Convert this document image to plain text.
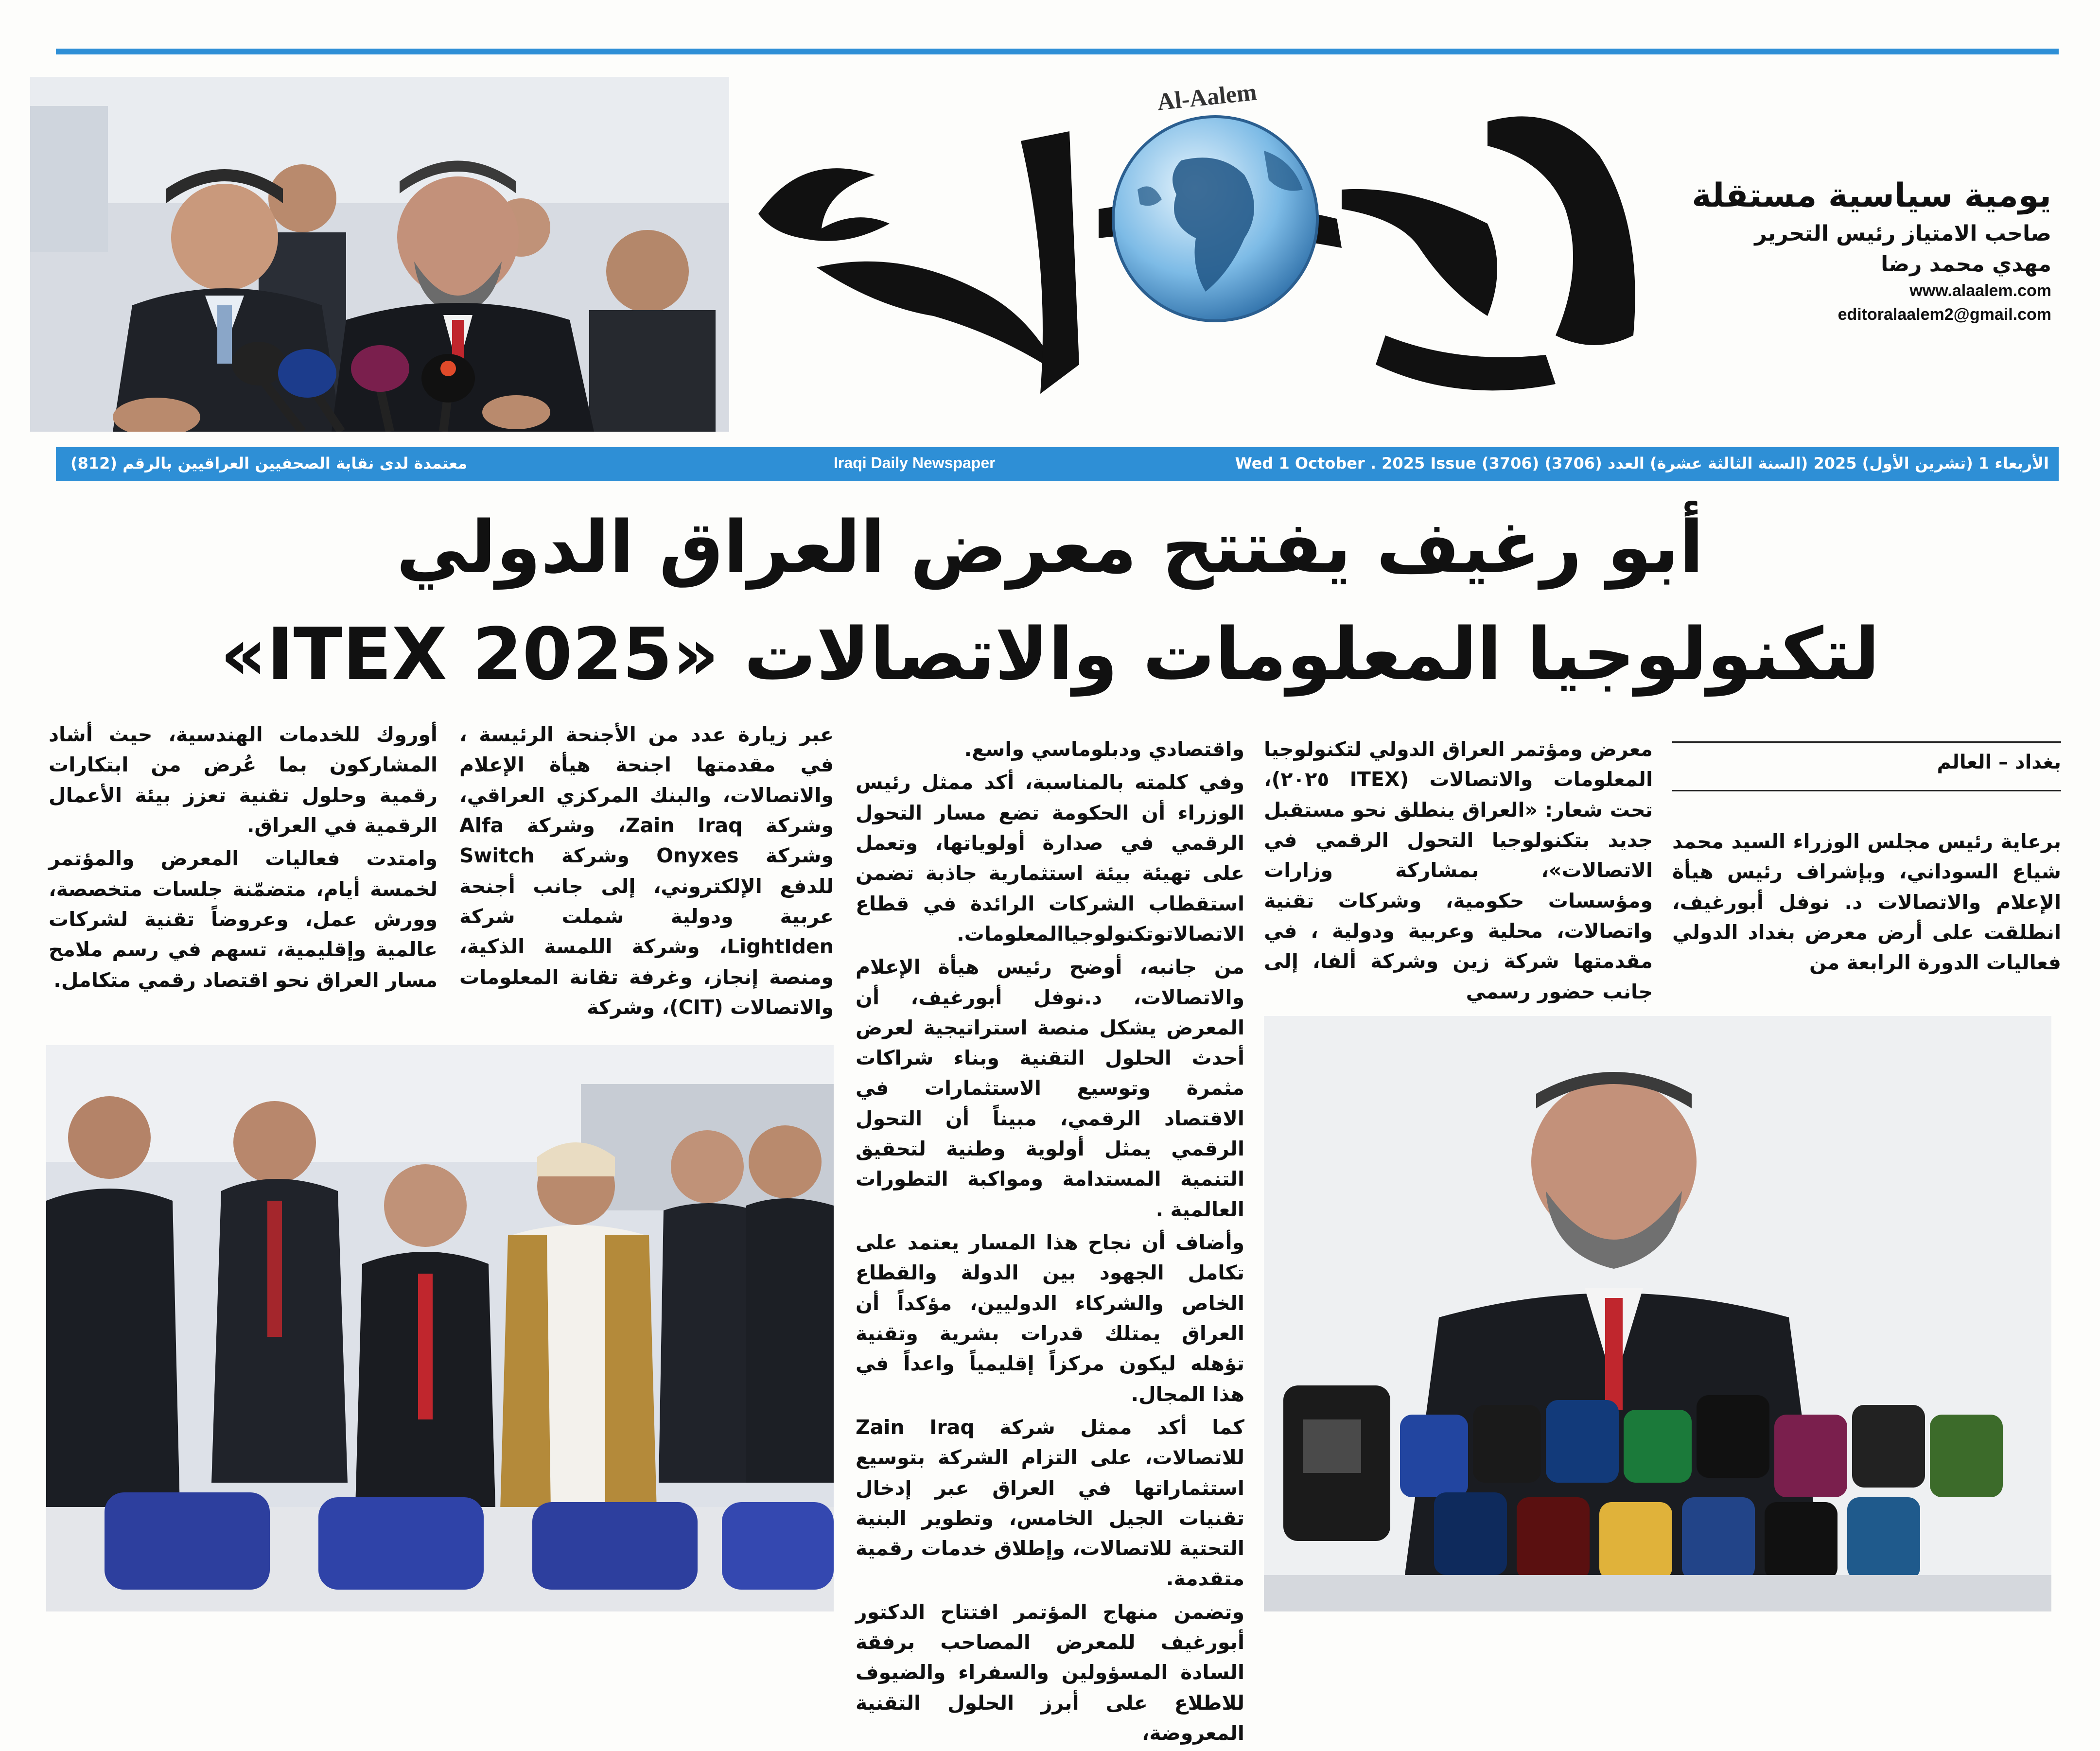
Al-Aalem
يومية سياسية مستقلة
صاحب الامتياز رئيس التحرير
مهدي محمد رضا
www.alaalem.com
editoralaalem2@gmail.com
الأربعاء 1 (تشرين الأول) 2025 (السنة الثالثة عشرة) العدد (3706) Wed 1 October . 2025 Issue (3706)
Iraqi Daily Newspaper
معتمدة لدى نقابة الصحفيين العراقيين بالرقم (812)
أبو رغيف يفتتح معرض العراق الدولي
لتكنولوجيا المعلومات والاتصالات «ITEX 2025»
بغداد – العالم

برعاية رئيس مجلس الوزراء السيد محمد شياع السوداني، وبإشراف رئيس هيأة الإعلام والاتصالات د. نوفل أبورغيف، انطلقت على أرض معرض بغداد الدولي فعاليات الدورة الرابعة من

معرض ومؤتمر العراق الدولي لتكنولوجيا المعلومات والاتصالات (ITEX ٢٠٢٥)، تحت شعار: «العراق ينطلق نحو مستقبل جديد بتكنولوجيا التحول الرقمي في الاتصالات»، بمشاركة وزارات ومؤسسات حكومية، وشركات تقنية واتصالات، محلية وعربية ودولية ، في مقدمتها شركة زين وشركة ألفا، إلى جانب حضور رسمي

واقتصادي ودبلوماسي واسع.

وفي كلمته بالمناسبة، أكد ممثل رئيس الوزراء أن الحكومة تضع مسار التحول الرقمي في صدارة أولوياتها، وتعمل على تهيئة بيئة استثمارية جاذبة تضمن استقطاب الشركات الرائدة في قطاع الاتصالاتوتكنولوجياالمعلومات.

من جانبه، أوضح رئيس هيأة الإعلام والاتصالات، د.نوفل أبورغيف، أن المعرض يشكل منصة استراتيجية لعرض أحدث الحلول التقنية وبناء شراكات مثمرة وتوسيع الاستثمارات في الاقتصاد الرقمي، مبيناً أن التحول الرقمي يمثل أولوية وطنية لتحقيق التنمية المستدامة ومواكبة التطورات العالمية .

وأضاف أن نجاح هذا المسار يعتمد على تكامل الجهود بين الدولة والقطاع الخاص والشركاء الدوليين، مؤكداً أن العراق يمتلك قدرات بشرية وتقنية تؤهله ليكون مركزاً إقليمياً واعداً في هذا المجال.

كما أكد ممثل شركة Zain Iraq للاتصالات، على التزام الشركة بتوسيع استثماراتها في العراق عبر إدخال تقنيات الجيل الخامس، وتطوير البنية التحتية للاتصالات، وإطلاق خدمات رقمية متقدمة.

وتضمن منهاج المؤتمر افتتاح الدكتور أبورغيف للمعرض المصاحب برفقة السادة المسؤولين والسفراء والضيوف للاطلاع على أبرز الحلول التقنية المعروضة،

عبر زيارة عدد من الأجنحة الرئيسة ، في مقدمتها اجنحة هيأة الإعلام والاتصالات، والبنك المركزي العراقي، وشركة Zain Iraq، وشركة Alfa وشركة Onyxes وشركة Switch للدفع الإلكتروني، إلى جانب أجنحة عربية ودولية شملت شركة LightIden، وشركة اللمسة الذكية، ومنصة إنجاز، وغرفة تقانة المعلومات والاتصالات (CIT)، وشركة

أوروك للخدمات الهندسية، حيث أشاد المشاركون بما عُرض من ابتكارات رقمية وحلول تقنية تعزز بيئة الأعمال الرقمية في العراق.

وامتدت فعاليات المعرض والمؤتمر لخمسة أيام، متضمّنة جلسات متخصصة، وورش عمل، وعروضاً تقنية لشركات عالمية وإقليمية، تسهم في رسم ملامح مسار العراق نحو اقتصاد رقمي متكامل.
